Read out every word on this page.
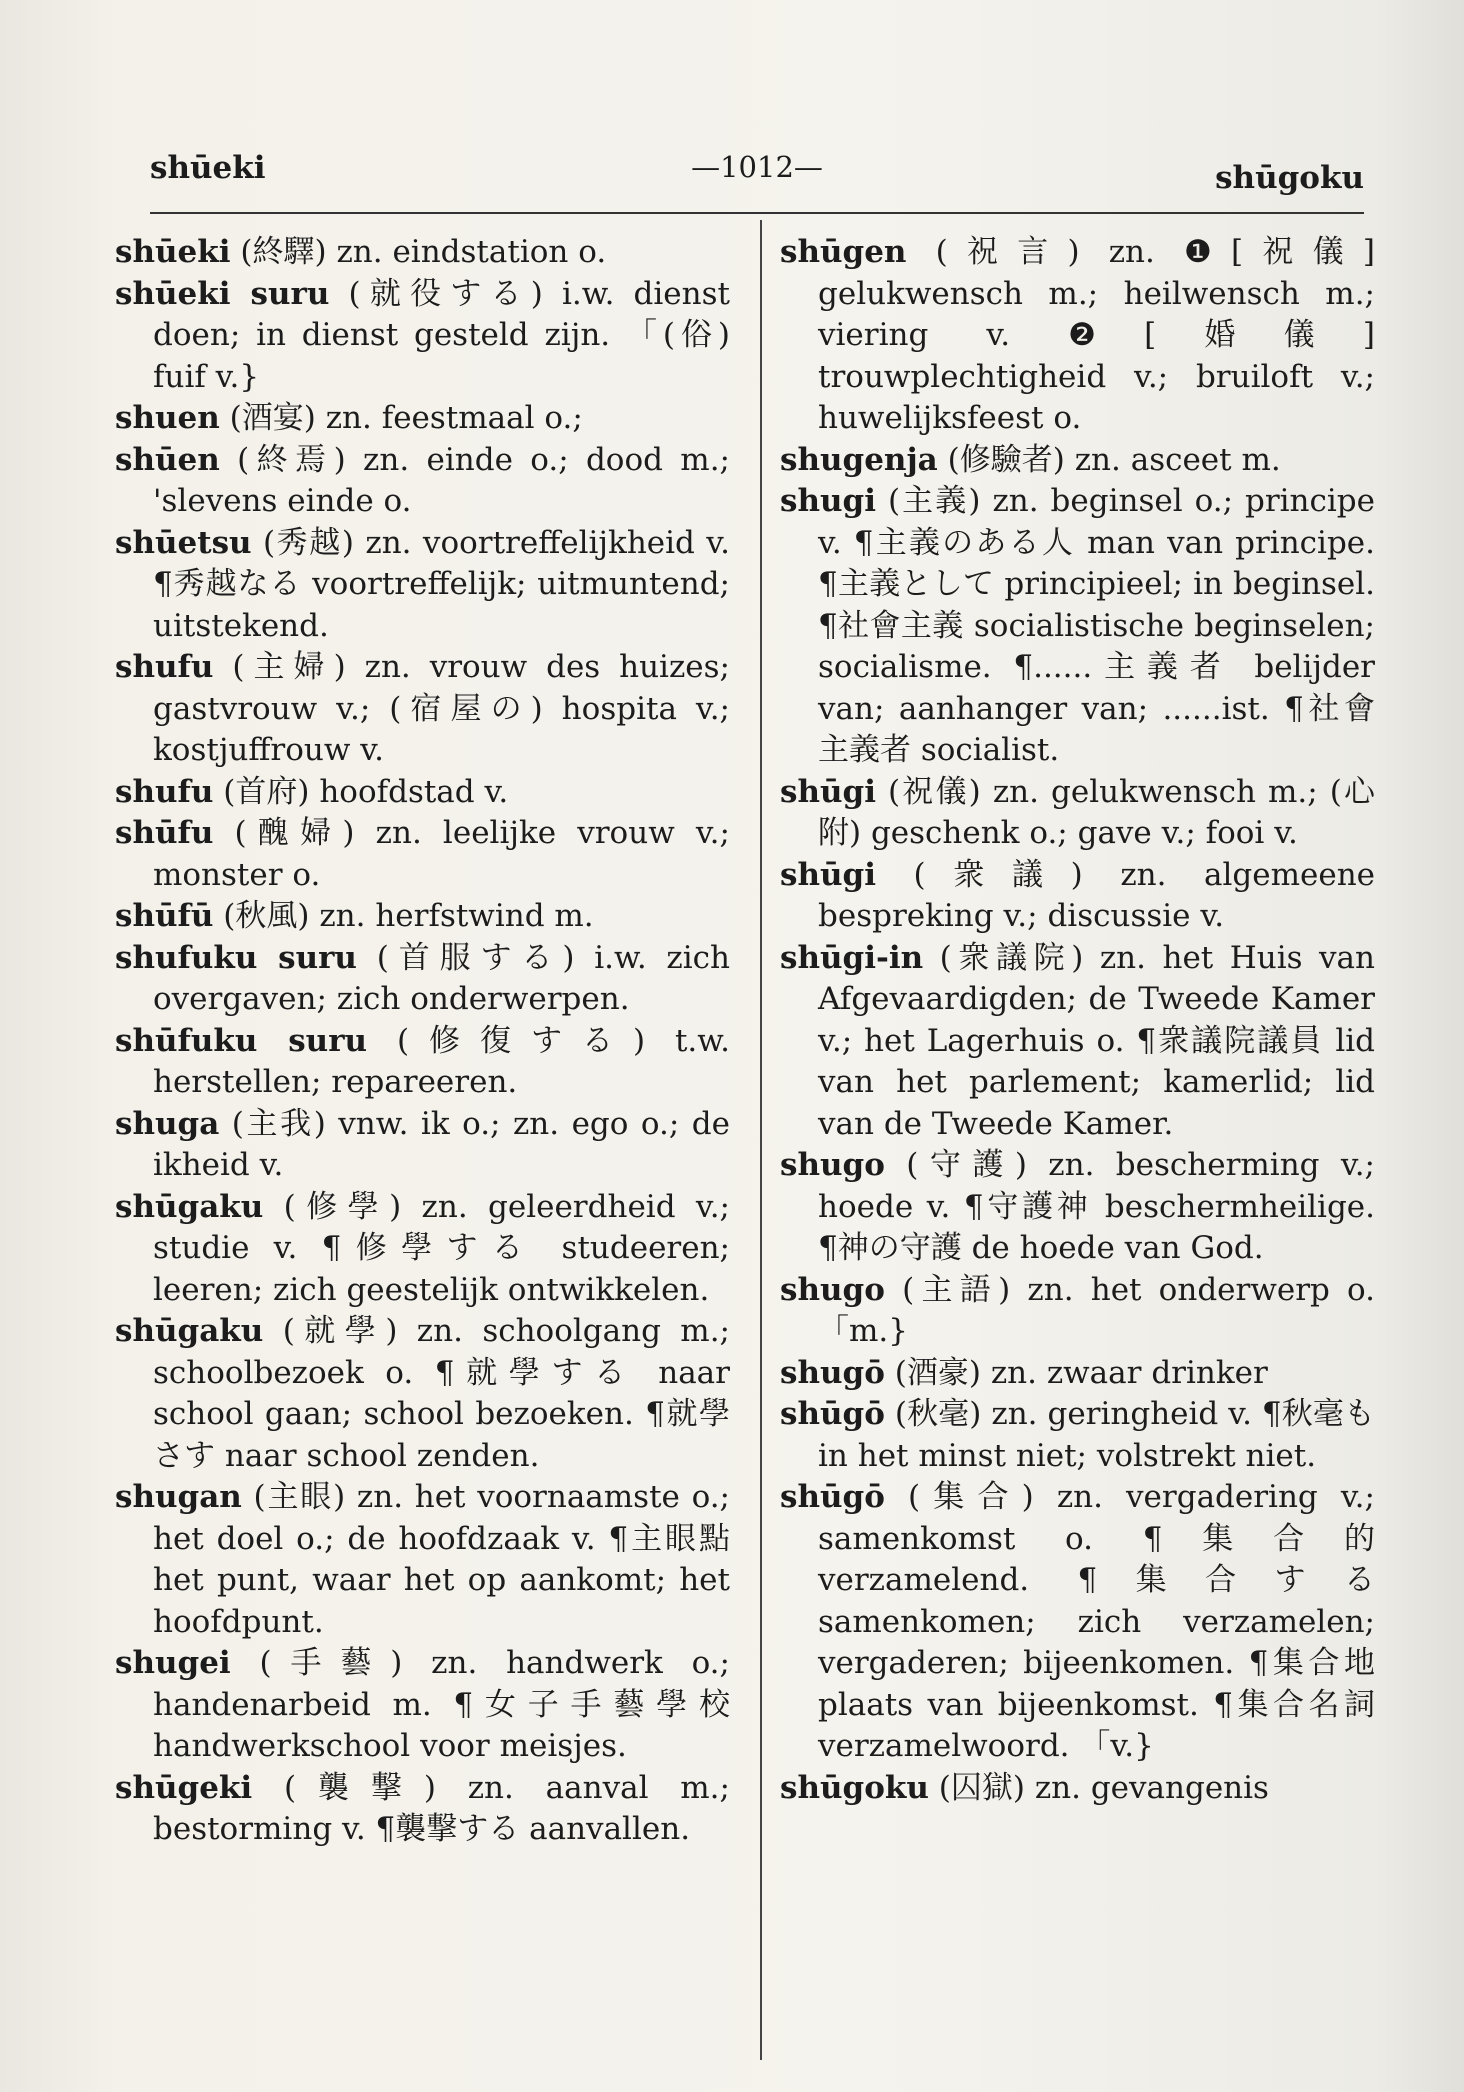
shūeki	—1012—	shūgoku

shūeki (終驛) zn. eindstation o.

shūeki suru (就役する) i.w. dienst doen; in dienst gesteld zijn. 「(俗) fuif v.}

shuen (酒宴) zn. feestmaal o.;

shūen (終焉) zn. einde o.; dood m.; 'slevens einde o.

shūetsu (秀越) zn. voortreffelijkheid v. ¶秀越なる voortreffelijk; uitmuntend; uitstekend.

shufu (主婦) zn. vrouw des huizes; gastvrouw v.; (宿屋の) hospita v.; kostjuffrouw v.

shufu (首府) hoofdstad v.

shūfu (醜婦) zn. leelijke vrouw v.; monster o.

shūfū (秋風) zn. herfstwind m.

shufuku suru (首服する) i.w. zich overgaven; zich onderwerpen.

shūfuku suru (修復する) t.w. herstellen; repareeren.

shuga (主我) vnw. ik o.; zn. ego o.; de ikheid v.

shūgaku (修學) zn. geleerdheid v.; studie v. ¶修學する studeeren; leeren; zich geestelijk ontwikkelen.

shūgaku (就學) zn. schoolgang m.; schoolbezoek o. ¶就學する naar school gaan; school bezoeken. ¶就學さす naar school zenden.

shugan (主眼) zn. het voornaamste o.; het doel o.; de hoofdzaak v. ¶主眼點 het punt, waar het op aankomt; het hoofdpunt.

shugei (手藝) zn. handwerk o.; handenarbeid m. ¶女子手藝學校 handwerkschool voor meisjes.

shūgeki (襲撃) zn. aanval m.; bestorming v. ¶襲撃する aanvallen.

shūgen (祝言) zn. ❶[祝儀] gelukwensch m.; heilwensch m.; viering v. ❷[婚儀] trouwplechtigheid v.; bruiloft v.; huwelijksfeest o.

shugenja (修驗者) zn. asceet m.

shugi (主義) zn. beginsel o.; principe v. ¶主義のある人 man van principe. ¶主義として principieel; in beginsel. ¶社會主義 socialistische beginselen; socialisme. ¶......主義者 belijder van; aanhanger van; ......ist. ¶社會主義者 socialist.

shūgi (祝儀) zn. gelukwensch m.; (心附) geschenk o.; gave v.; fooi v.

shūgi (衆議) zn. algemeene bespreking v.; discussie v.

shūgi-in (衆議院) zn. het Huis van Afgevaardigden; de Tweede Kamer v.; het Lagerhuis o. ¶衆議院議員 lid van het parlement; kamerlid; lid van de Tweede Kamer.

shugo (守護) zn. bescherming v.; hoede v. ¶守護神 beschermheilige. ¶神の守護 de hoede van God.

shugo (主語) zn. het onderwerp o. 「m.}

shugō (酒豪) zn. zwaar drinker

shūgō (秋毫) zn. geringheid v. ¶秋毫も in het minst niet; volstrekt niet.

shūgō (集合) zn. vergadering v.; samenkomst o. ¶集合的 verzamelend. ¶集合する samenkomen; zich verzamelen; vergaderen; bijeenkomen. ¶集合地 plaats van bijeenkomst. ¶集合名詞 verzamelwoord. 「v.}

shūgoku (囚獄) zn. gevangenis
